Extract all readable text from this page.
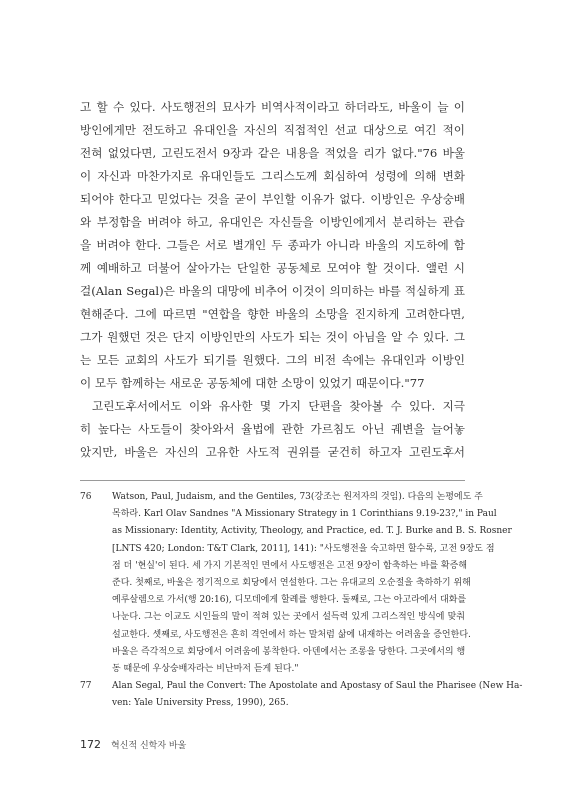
고 할 수 있다. 사도행전의 묘사가 비역사적이라고 하더라도, 바울이 늘 이
방인에게만 전도하고 유대인을 자신의 직접적인 선교 대상으로 여긴 적이
전혀 없었다면, 고린도전서 9장과 같은 내용을 적었을 리가 없다."76 바울
이 자신과 마찬가지로 유대인들도 그리스도께 회심하여 성령에 의해 변화
되어야 한다고 믿었다는 것을 굳이 부인할 이유가 없다. 이방인은 우상숭배
와 부정함을 버려야 하고, 유대인은 자신들을 이방인에게서 분리하는 관습
을 버려야 한다. 그들은 서로 별개인 두 종파가 아니라 바울의 지도하에 함
께 예배하고 더불어 살아가는 단일한 공동체로 모여야 할 것이다. 앨런 시
걸(Alan Segal)은 바울의 대망에 비추어 이것이 의미하는 바를 적실하게 표
현해준다. 그에 따르면 "연합을 향한 바울의 소망을 진지하게 고려한다면,
그가 원했던 것은 단지 이방인만의 사도가 되는 것이 아님을 알 수 있다. 그
는 모든 교회의 사도가 되기를 원했다. 그의 비전 속에는 유대인과 이방인
이 모두 함께하는 새로운 공동체에 대한 소망이 있었기 때문이다."77
고린도후서에서도 이와 유사한 몇 가지 단편을 찾아볼 수 있다. 지극
히 높다는 사도들이 찾아와서 율법에 관한 가르침도 아닌 궤변을 늘어놓
았지만, 바울은 자신의 고유한 사도적 권위를 굳건히 하고자 고린도후서
76	Watson, Paul, Judaism, and the Gentiles, 73(강조는 원저자의 것임). 다음의 논평에도 주
목하라. Karl Olav Sandnes "A Missionary Strategy in 1 Corinthians 9.19-23?," in Paul
as Missionary: Identity, Activity, Theology, and Practice, ed. T. J. Burke and B. S. Rosner
[LNTS 420; London: T&T Clark, 2011], 141): "사도행전을 숙고하면 할수록, 고전 9장도 점
점 더 '현실'이 된다. 세 가지 기본적인 면에서 사도행전은 고전 9장이 함축하는 바를 확증해
준다. 첫째로, 바울은 정기적으로 회당에서 연설한다. 그는 유대교의 오순절을 축하하기 위해
예루살렘으로 가서(행 20:16), 디모데에게 할례를 행한다. 둘째로, 그는 아고라에서 대화를
나눈다. 그는 이교도 시인들의 말이 적혀 있는 곳에서 설득력 있게 그리스적인 방식에 맞춰
설교한다. 셋째로, 사도행전은 흔히 격언에서 하는 말처럼 삶에 내재하는 어려움을 증언한다.
바울은 즉각적으로 회당에서 어려움에 봉착한다. 아덴에서는 조롱을 당한다. 그곳에서의 행
동 때문에 우상숭배자라는 비난마저 듣게 된다."
77	Alan Segal, Paul the Convert: The Apostolate and Apostasy of Saul the Pharisee (New Ha-
ven: Yale University Press, 1990), 265.
172 혁신적 신학자 바울
